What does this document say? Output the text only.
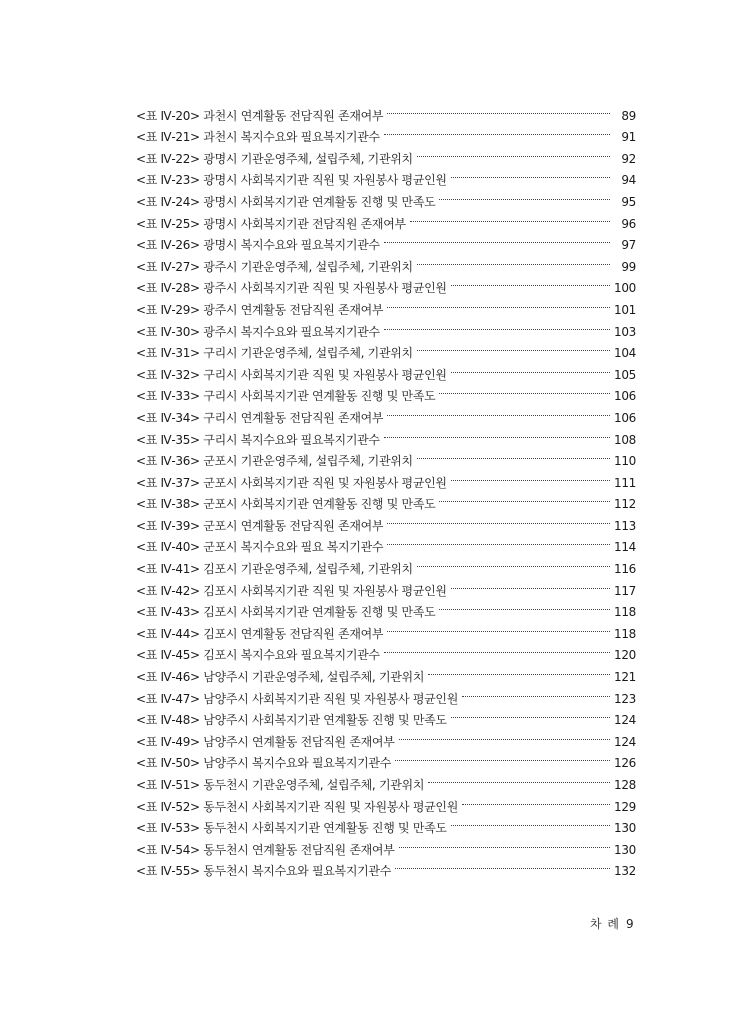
<표 Ⅳ-20> 과천시 연계활동 전담직원 존재여부	89
<표 Ⅳ-21> 과천시 복지수요와 필요복지기관수	91
<표 Ⅳ-22> 광명시 기관운영주체, 설립주체, 기관위치	92
<표 Ⅳ-23> 광명시 사회복지기관 직원 및 자원봉사 평균인원	94
<표 Ⅳ-24> 광명시 사회복지기관 연계활동 진행 및 만족도	95
<표 Ⅳ-25> 광명시 사회복지기관 전담직원 존재여부	96
<표 Ⅳ-26> 광명시 복지수요와 필요복지기관수	97
<표 Ⅳ-27> 광주시 기관운영주체, 설립주체, 기관위치	99
<표 Ⅳ-28> 광주시 사회복지기관 직원 및 자원봉사 평균인원	100
<표 Ⅳ-29> 광주시 연계활동 전담직원 존재여부	101
<표 Ⅳ-30> 광주시 복지수요와 필요복지기관수	103
<표 Ⅳ-31> 구리시 기관운영주체, 설립주체, 기관위치	104
<표 Ⅳ-32> 구리시 사회복지기관 직원 및 자원봉사 평균인원	105
<표 Ⅳ-33> 구리시 사회복지기관 연계활동 진행 및 만족도	106
<표 Ⅳ-34> 구리시 연계활동 전담직원 존재여부	106
<표 Ⅳ-35> 구리시 복지수요와 필요복지기관수	108
<표 Ⅳ-36> 군포시 기관운영주체, 설립주체, 기관위치	110
<표 Ⅳ-37> 군포시 사회복지기관 직원 및 자원봉사 평균인원	111
<표 Ⅳ-38> 군포시 사회복지기관 연계활동 진행 및 만족도	112
<표 Ⅳ-39> 군포시 연계활동 전담직원 존재여부	113
<표 Ⅳ-40> 군포시 복지수요와 필요 복지기관수	114
<표 Ⅳ-41> 김포시 기관운영주체, 설립주체, 기관위치	116
<표 Ⅳ-42> 김포시 사회복지기관 직원 및 자원봉사 평균인원	117
<표 Ⅳ-43> 김포시 사회복지기관 연계활동 진행 및 만족도	118
<표 Ⅳ-44> 김포시 연계활동 전담직원 존재여부	118
<표 Ⅳ-45> 김포시 복지수요와 필요복지기관수	120
<표 Ⅳ-46> 남양주시 기관운영주체, 설립주체, 기관위치	121
<표 Ⅳ-47> 남양주시 사회복지기관 직원 및 자원봉사 평균인원	123
<표 Ⅳ-48> 남양주시 사회복지기관 연계활동 진행 및 만족도	124
<표 Ⅳ-49> 남양주시 연계활동 전담직원 존재여부	124
<표 Ⅳ-50> 남양주시 복지수요와 필요복지기관수	126
<표 Ⅳ-51> 동두천시 기관운영주체, 설립주체, 기관위치	128
<표 Ⅳ-52> 동두천시 사회복지기관 직원 및 자원봉사 평균인원	129
<표 Ⅳ-53> 동두천시 사회복지기관 연계활동 진행 및 만족도	130
<표 Ⅳ-54> 동두천시 연계활동 전담직원 존재여부	130
<표 Ⅳ-55> 동두천시 복지수요와 필요복지기관수	132
차 례 9
